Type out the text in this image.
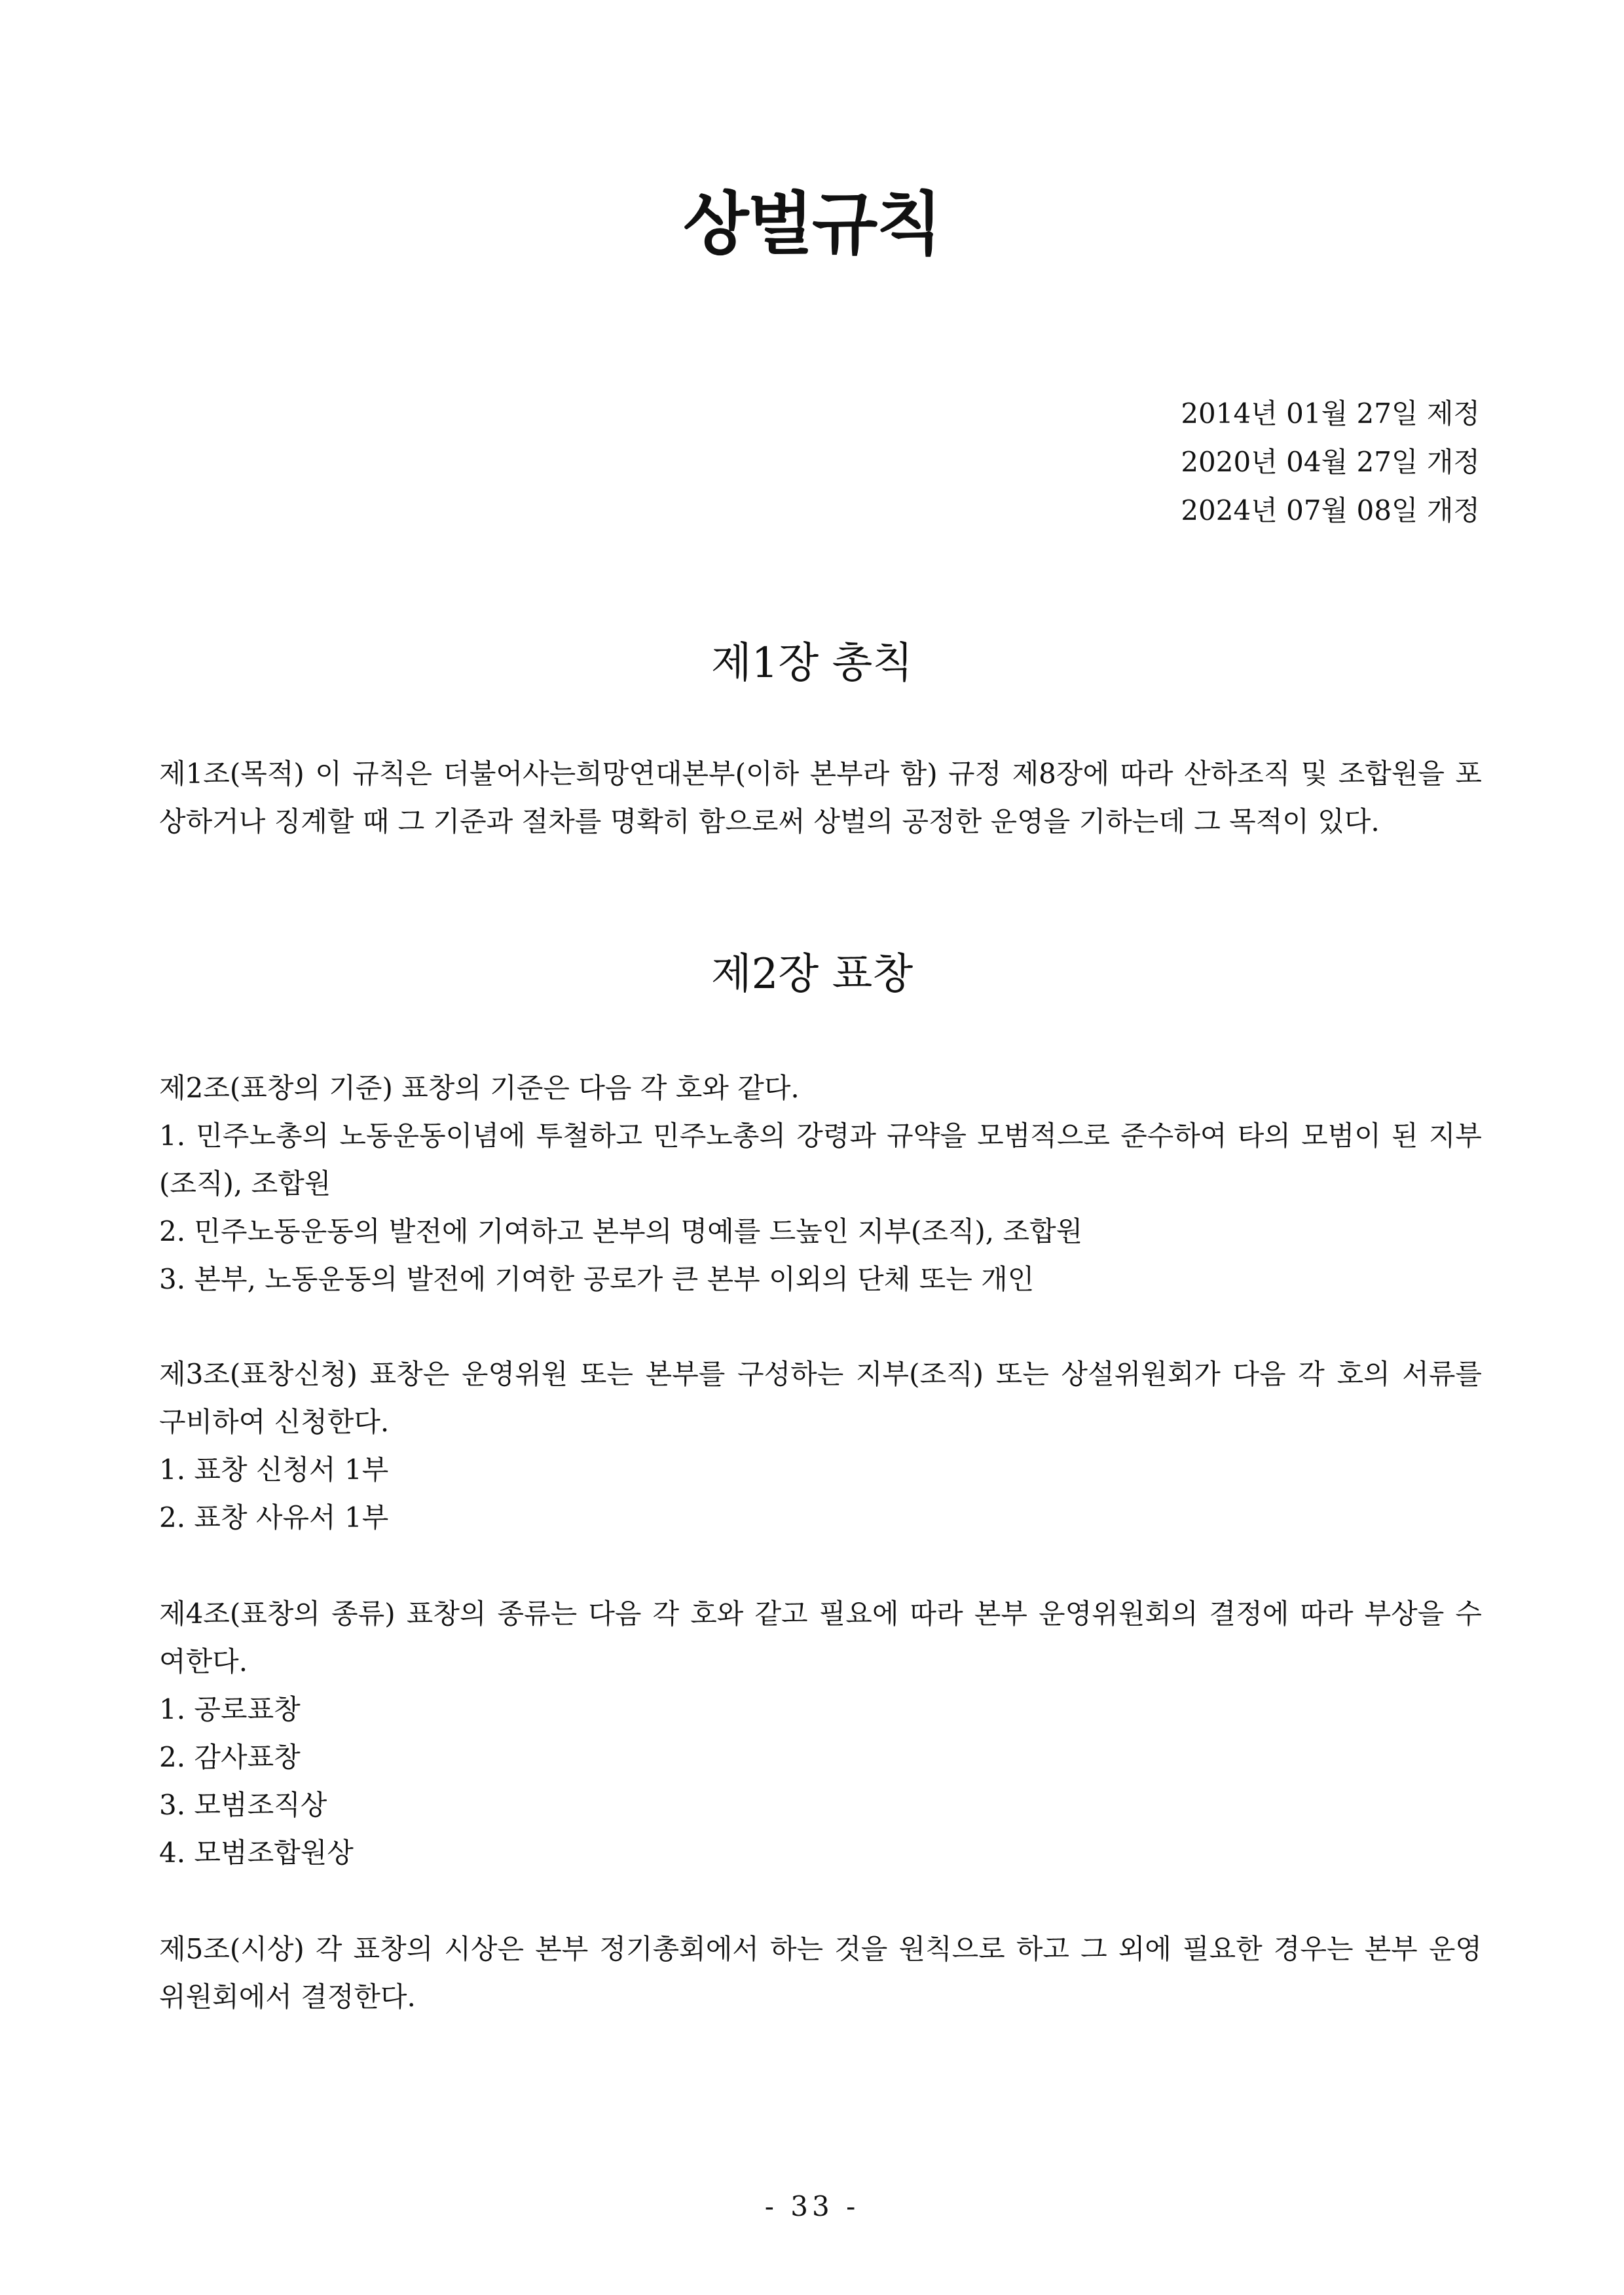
상벌규칙
2014년 01월 27일 제정
2020년 04월 27일 개정
2024년 07월 08일 개정
제1장 총칙

제1조(목적) 이 규칙은 더불어사는희망연대본부(이하 본부라 함) 규정 제8장에 따라 산하조직 및 조합원을 포

상하거나 징계할 때 그 기준과 절차를 명확히 함으로써 상벌의 공정한 운영을 기하는데 그 목적이 있다.

제2장 표창

제2조(표창의 기준) 표창의 기준은 다음 각 호와 같다.

1. 민주노총의 노동운동이념에 투철하고 민주노총의 강령과 규약을 모범적으로 준수하여 타의 모범이 된 지부

(조직), 조합원

2. 민주노동운동의 발전에 기여하고 본부의 명예를 드높인 지부(조직), 조합원

3. 본부, 노동운동의 발전에 기여한 공로가 큰 본부 이외의 단체 또는 개인

제3조(표창신청) 표창은 운영위원 또는 본부를 구성하는 지부(조직) 또는 상설위원회가 다음 각 호의 서류를

구비하여 신청한다.

1. 표창 신청서 1부

2. 표창 사유서 1부

제4조(표창의 종류) 표창의 종류는 다음 각 호와 같고 필요에 따라 본부 운영위원회의 결정에 따라 부상을 수

여한다.

1. 공로표창

2. 감사표창

3. 모범조직상

4. 모범조합원상

제5조(시상) 각 표창의 시상은 본부 정기총회에서 하는 것을 원칙으로 하고 그 외에 필요한 경우는 본부 운영

위원회에서 결정한다.

- 33 -
